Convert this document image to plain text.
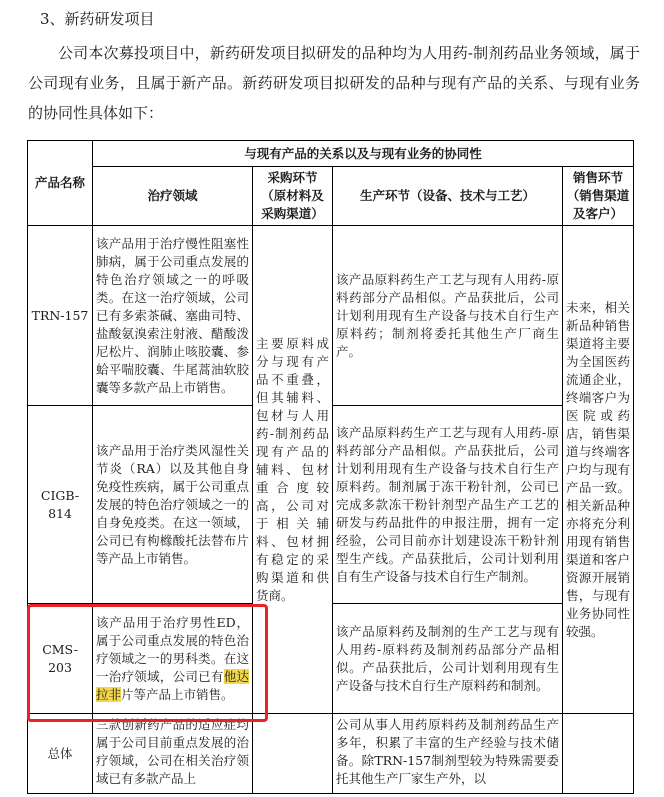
3、新药研发项目
公司本次募投项目中，新药研发项目拟研发的品种均为人用药-制剂药品业务领域，属于公司现有业务，且属于新产品。新药研发项目拟研发的品种与现有产品的关系、与现有业务的协同性具体如下：
产品名称	与现有产品的关系以及与现有业务的协同性			
	治疗领域	采购环节（原材料及采购渠道）	生产环节（设备、技术与工艺）	销售环节（销售渠道及客户）
TRN-157	该产品用于治疗慢性阻塞性肺病，属于公司重点发展的特色治疗领域之一的呼吸类。在这一治疗领域，公司已有多索茶碱、塞曲司特、盐酸氨溴索注射液、醋酸泼尼松片、润肺止咳胶囊、参蛤平喘胶囊、牛尾蒿油软胶囊等多款产品上市销售。	主要原料成分与现有产品不重叠，但其辅料、包材与人用药-制剂药品现有产品的辅料、包材重合度较高，公司对于相关辅料、包材拥有稳定的采购渠道和供货商。	该产品原料药生产工艺与现有人用药-原料药部分产品相似。产品获批后，公司计划利用现有生产设备与技术自行生产原料药；制剂将委托其他生产厂商生产。	未来，相关新品种销售渠道将主要为全国医药流通企业，终端客户为医院或药店，销售渠道与终端客户均与现有产品一致。相关新品种亦将充分利用现有销售渠道和客户资源开展销售，与现有业务协同性较强。
CIGB-814	该产品用于治疗类风湿性关节炎（RA）以及其他自身免疫性疾病，属于公司重点发展的特色治疗领域之一的自身免疫类。在这一领域，公司已有枸橼酸托法替布片等产品上市销售。		该产品原料药生产工艺与现有人用药-原料药部分产品相似。产品获批后，公司计划利用现有生产设备与技术自行生产原料药。制剂属于冻干粉针剂，公司已完成多款冻干粉针剂型产品生产工艺的研发与药品批件的申报注册，拥有一定经验，公司目前亦计划建设冻干粉针剂型生产线。产品获批后，公司计划利用自有生产设备与技术自行生产制剂。	
CMS-203	该产品用于治疗男性ED，属于公司重点发展的特色治疗领域之一的男科类。在这一治疗领域，公司已有他达拉非片等产品上市销售。		该产品原料药及制剂的生产工艺与现有人用药-原料药及制剂药品部分产品相似。产品获批后，公司计划利用现有生产设备与技术自行生产原料药和制剂。	
总体	三款创新药产品的适应症均属于公司目前重点发展的治疗领域，公司在相关治疗领域已有多款产品上		公司从事人用药原料药及制剂药品生产多年，积累了丰富的生产经验与技术储备。除TRN-157制剂型较为特殊需要委托其他生产厂家生产外，以	
